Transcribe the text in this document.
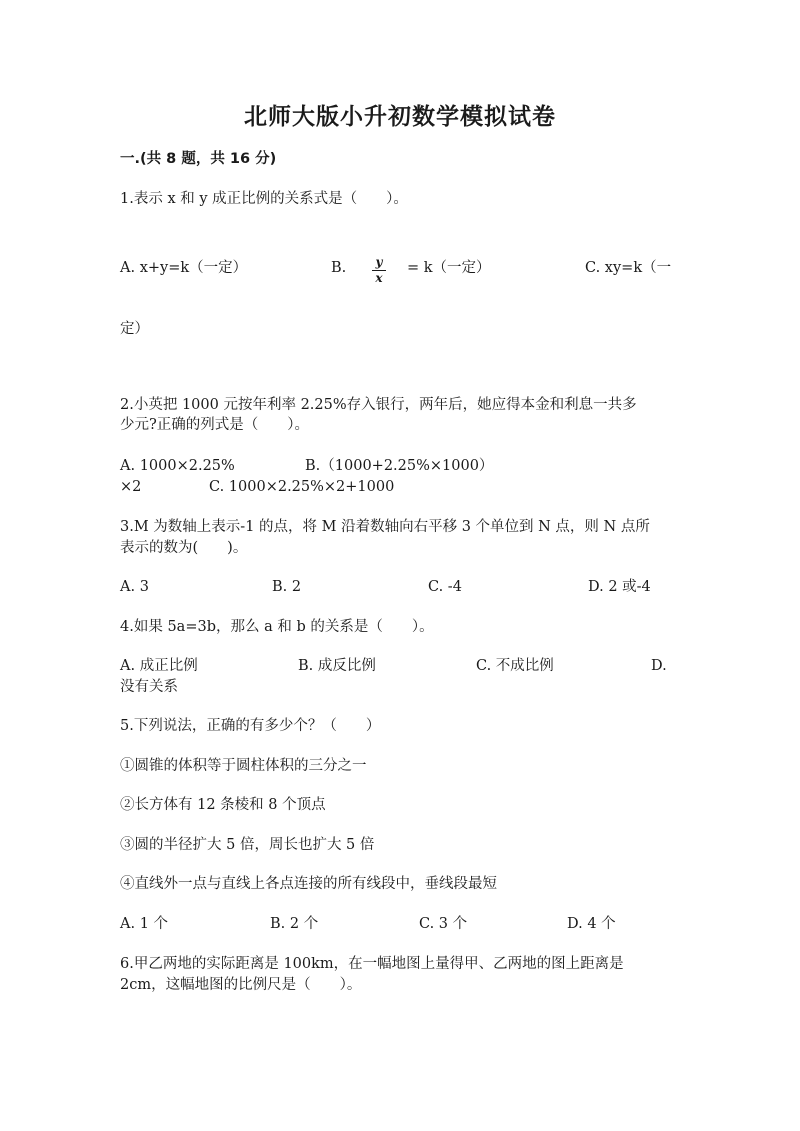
北师大版小升初数学模拟试卷
一.(共 8 题，共 16 分)
1.表示 x 和 y 成正比例的关系式是（　　）。
A. x+y=k（一定）	B. $\frac{y}{x} = k$（一定）	C. xy=k（一
定）
2.小英把 1000 元按年利率 2.25%存入银行，两年后，她应得本金和利息一共多
少元?正确的列式是（　　）。
A. 1000×2.25%	B.（1000+2.25%×1000）
×2	C. 1000×2.25%×2+1000
3.M 为数轴上表示-1 的点，将 M 沿着数轴向右平移 3 个单位到 N 点，则 N 点所
表示的数为(　　)。
A. 3	B. 2	C. -4	D. 2 或-4
4.如果 5a=3b，那么 a 和 b 的关系是（　　）。
A. 成正比例	B. 成反比例	C. 不成比例	D.
没有关系
5.下列说法，正确的有多少个？（　　）
①圆锥的体积等于圆柱体积的三分之一
②长方体有 12 条棱和 8 个顶点
③圆的半径扩大 5 倍，周长也扩大 5 倍
④直线外一点与直线上各点连接的所有线段中，垂线段最短
A. 1 个	B. 2 个	C. 3 个	D. 4 个
6.甲乙两地的实际距离是 100km，在一幅地图上量得甲、乙两地的图上距离是
2cm，这幅地图的比例尺是（　　）。
